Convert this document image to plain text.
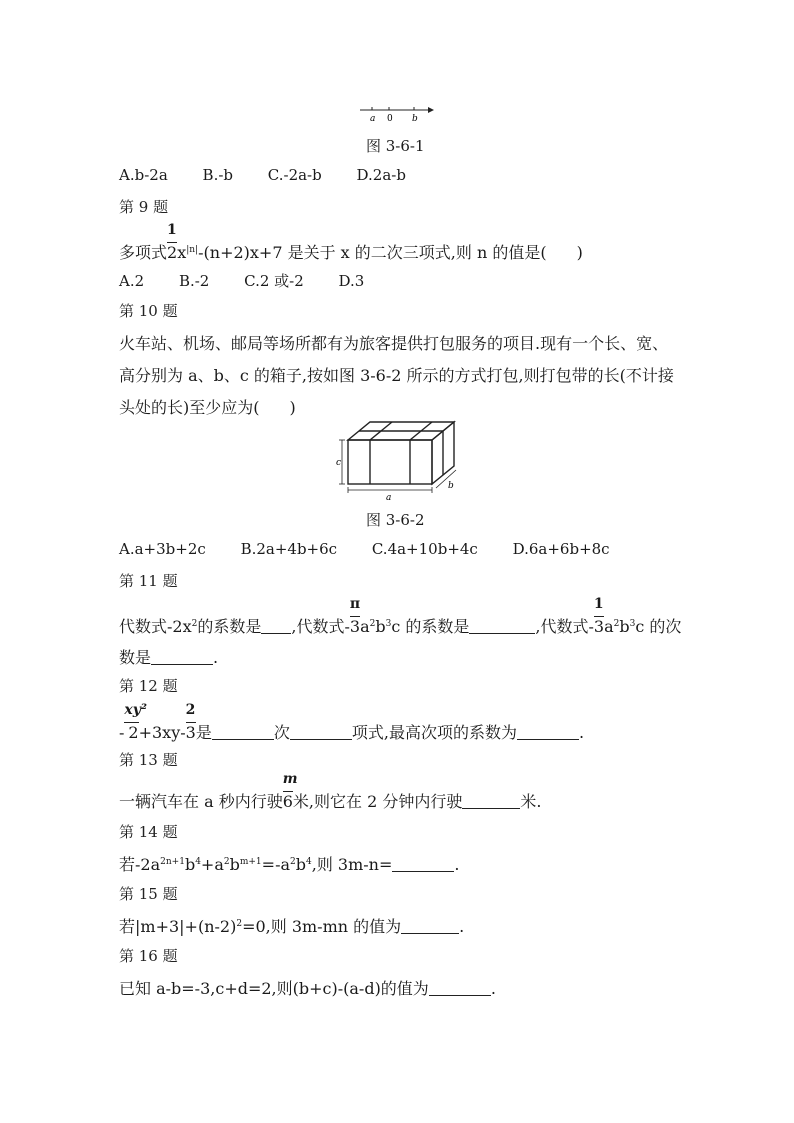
a 0 b
图 3-6-1
A.b-2a B.-b C.-2a-b D.2a-b
第 9 题
多项式 $\frac{1}{2}x^{|n|}-(n+2)x+7$ 是关于 x 的二次三项式,则 n 的值是( )
A.2 B.-2 C.2 或-2 D.3
第 10 题
火车站、机场、邮局等场所都有为旅客提供打包服务的项目.现有一个长、宽、
高分别为 a、b、c 的箱子,按如图 3-6-2 所示的方式打包,则打包带的长(不计接
头处的长)至少应为( )
c
a
b
图 3-6-2
A.a+3b+2c B.2a+4b+6c C.4a+10b+4c D.6a+6b+8c
第 11 题
代数式$-2x^2$的系数是 ,代数式- $\frac{\pi}{3}a^2b^3c$ 的系数是	,代数式- $\frac{1}{3}a^2b^3c$ 的次
数是	.
第 12 题
- $\frac{\text{xy²}}{2}+3xy- \frac{2}{3}$是	次	项式,最高次项的系数为	.
第 13 题
一辆汽车在 a 秒内行驶 $\frac{m}{6}$米,则它在 2 分钟内行驶	米.
第 14 题
若$-2a^{2n+1}b^4+a^2b^{m+1}=-a^2b^4$,则 3m-n=	.
第 15 题
若$|m+3|+(n-2)^2=0$,则 3m-mn 的值为	.
第 16 题
已知 a-b=-3,c+d=2,则(b+c)-(a-d)的值为	.
